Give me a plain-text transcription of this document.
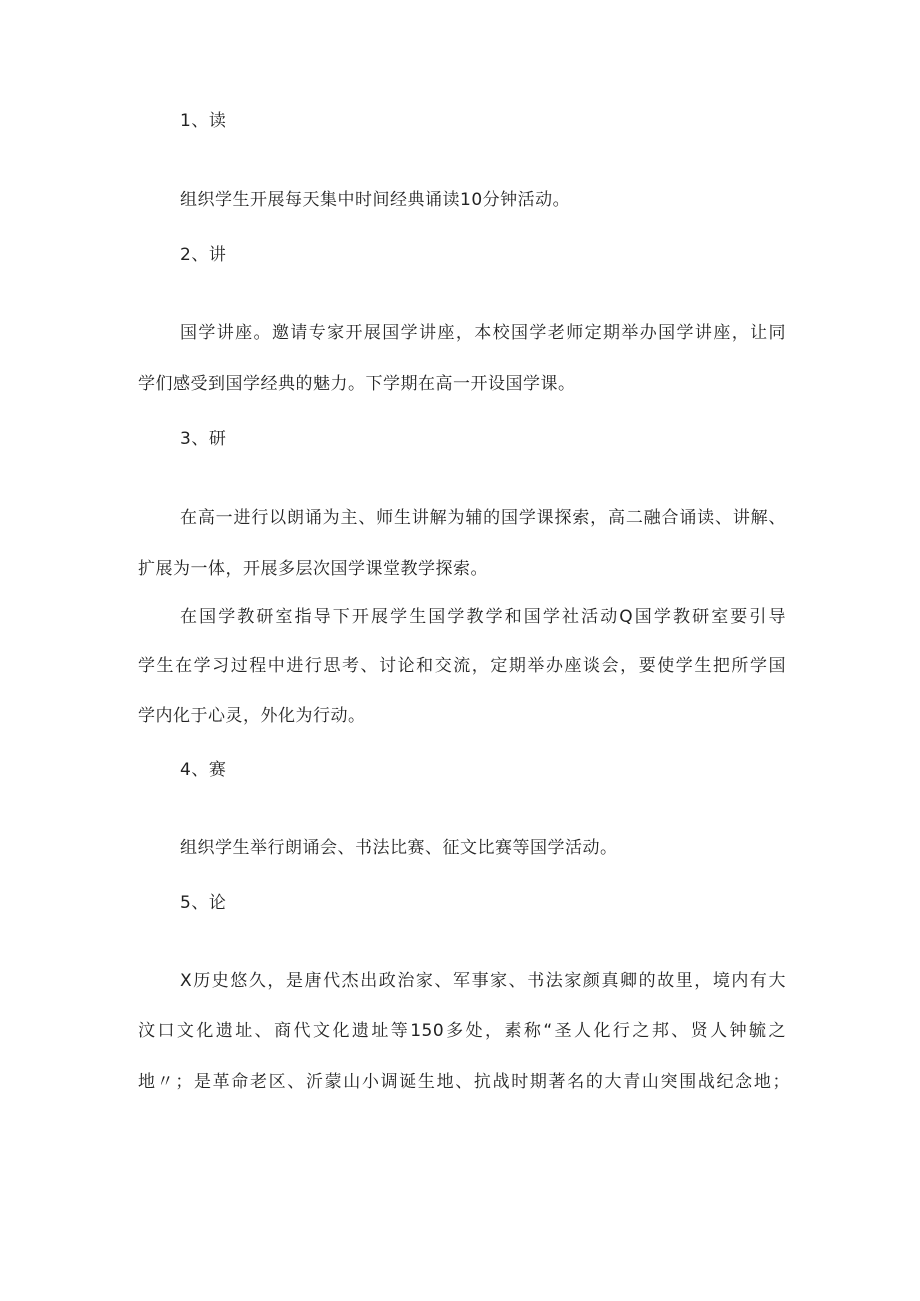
1、读
组织学生开展每天集中时间经典诵读10分钟活动。
2、讲
国学讲座。邀请专家开展国学讲座，本校国学老师定期举办国学讲座，让同
学们感受到国学经典的魅力。下学期在高一开设国学课。
3、研
在高一进行以朗诵为主、师生讲解为辅的国学课探索，高二融合诵读、讲解、
扩展为一体，开展多层次国学课堂教学探索。
在国学教研室指导下开展学生国学教学和国学社活动Q国学教研室要引导
学生在学习过程中进行思考、讨论和交流，定期举办座谈会，要使学生把所学国
学内化于心灵，外化为行动。
4、赛
组织学生举行朗诵会、书法比赛、征文比赛等国学活动。
5、论
X历史悠久，是唐代杰出政治家、军事家、书法家颜真卿的故里，境内有大
汶口文化遗址、商代文化遗址等150多处，素称“圣人化行之邦、贤人钟毓之
地〃；是革命老区、沂蒙山小调诞生地、抗战时期著名的大青山突围战纪念地；
